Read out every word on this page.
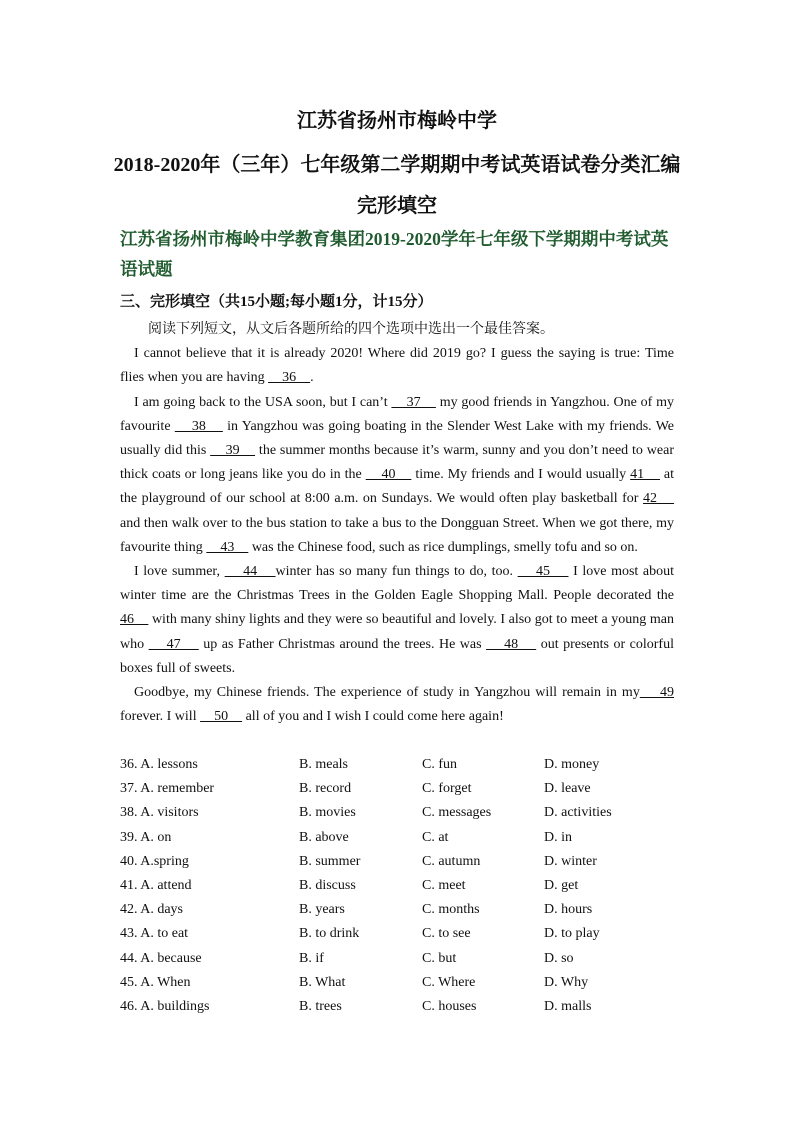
江苏省扬州市梅岭中学
2018-2020年（三年）七年级第二学期期中考试英语试卷分类汇编
完形填空
江苏省扬州市梅岭中学教育集团2019-2020学年七年级下学期期中考试英语试题
三、完形填空（共15小题;每小题1分，计15分）

阅读下列短文，从文后各题所给的四个选项中选出一个最佳答案。

I cannot believe that it is already 2020! Where did 2019 go? I guess the saying is true: Time flies when you are having     36    .

I am going back to the USA soon, but I can’t     37     my good friends in Yangzhou. One of my favourite     38     in Yangzhou was going boating in the Slender West Lake with my friends. We usually did this     39     the summer months because it’s warm, sunny and you don’t need to wear thick coats or long jeans like you do in the     40     time. My friends and I would usually 41     at the playground of our school at 8:00 a.m. on Sundays. We would often play basketball for 42     and then walk over to the bus station to take a bus to the Dongguan Street. When we got there, my favourite thing     43     was the Chinese food, such as rice dumplings, smelly tofu and so on.

I love summer,     44    winter has so many fun things to do, too.     45     I love most about winter time are the Christmas Trees in the Golden Eagle Shopping Mall. People decorated the 46     with many shiny lights and they were so beautiful and lovely. I also got to meet a young man who     47     up as Father Christmas around the trees. He was     48     out presents or colorful boxes full of sweets.

Goodbye, my Chinese friends. The experience of study in Yangzhou will remain in my    49 forever. I will     50     all of you and I wish I could come here again!

36. A. lessons	B. meals	C. fun	D. money
37. A. remember	B. record	C. forget	D. leave
38. A. visitors	B. movies	C. messages	D. activities
39. A. on	B. above	C. at	D. in
40. A.spring	B. summer	C. autumn	D. winter
41. A. attend	B. discuss	C. meet	D. get
42. A. days	B. years	C. months	D. hours
43. A. to eat	B. to drink	C. to see	D. to play
44. A. because	B. if	C. but	D. so
45. A. When	B. What	C. Where	D. Why
46. A. buildings	B. trees	C. houses	D. malls
